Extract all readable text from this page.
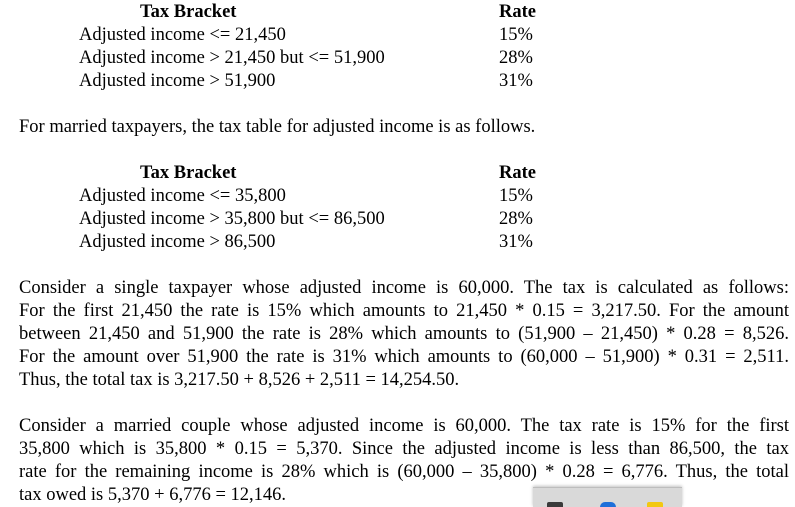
Tax Bracket	Rate
Adjusted income <= 21,450	15%
Adjusted income > 21,450 but <= 51,900	28%
Adjusted income > 51,900	31%
For married taxpayers, the tax table for adjusted income is as follows.
Tax Bracket	Rate
Adjusted income <= 35,800	15%
Adjusted income > 35,800 but <= 86,500	28%
Adjusted income > 86,500	31%
Consider a single taxpayer whose adjusted income is 60,000. The tax is calculated as follows:
For the first 21,450 the rate is 15% which amounts to 21,450 * 0.15 = 3,217.50. For the amount
between 21,450 and 51,900 the rate is 28% which amounts to (51,900 – 21,450) * 0.28 = 8,526.
For the amount over 51,900 the rate is 31% which amounts to (60,000 – 51,900) * 0.31 = 2,511.
Thus, the total tax is 3,217.50 + 8,526 + 2,511 = 14,254.50.
Consider a married couple whose adjusted income is 60,000. The tax rate is 15% for the first
35,800 which is 35,800 * 0.15 = 5,370. Since the adjusted income is less than 86,500, the tax
rate for the remaining income is 28% which is (60,000 – 35,800) * 0.28 = 6,776. Thus, the total
tax owed is 5,370 + 6,776 = 12,146.
